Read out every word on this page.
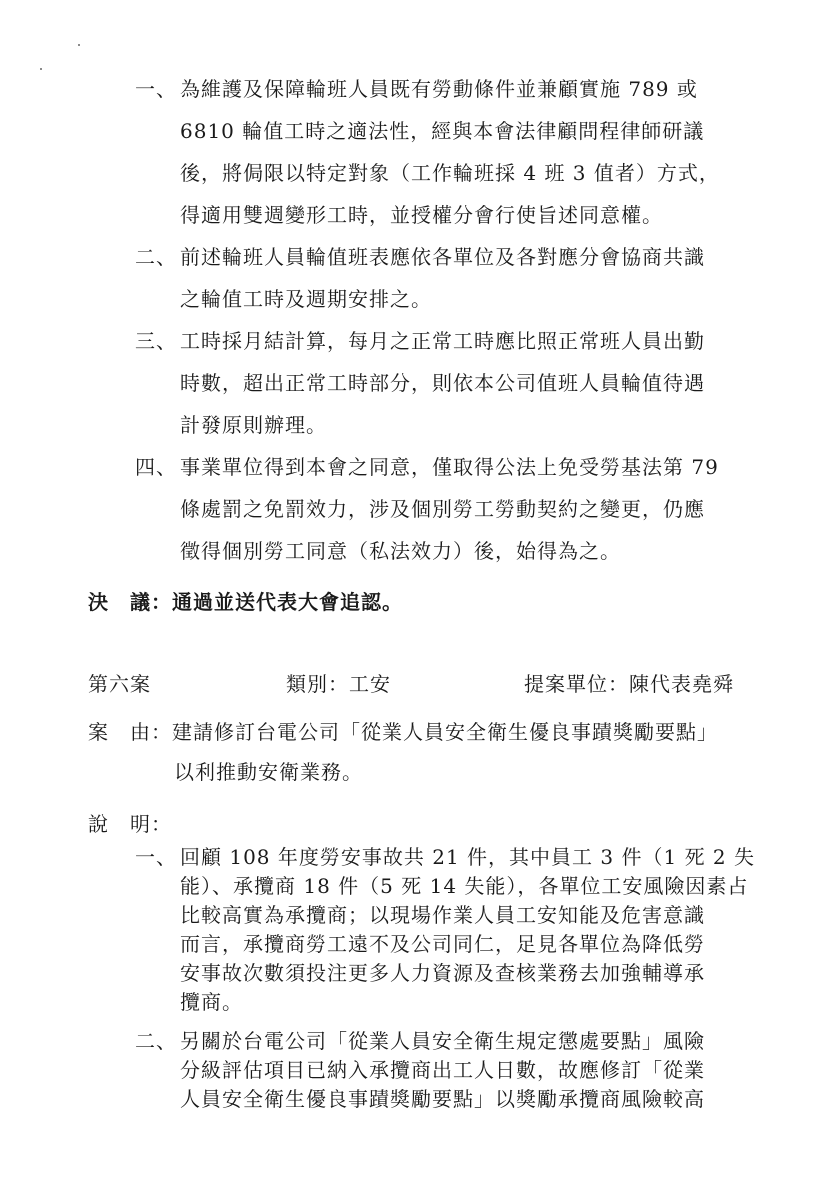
一、 為維護及保障輪班人員既有勞動條件並兼顧實施 789 或
6810 輪值工時之適法性，經與本會法律顧問程律師研議
後，將侷限以特定對象（工作輪班採 4 班 3 值者）方式，
得適用雙週變形工時，並授權分會行使旨述同意權。
二、 前述輪班人員輪值班表應依各單位及各對應分會協商共識
之輪值工時及週期安排之。
三、 工時採月結計算，每月之正常工時應比照正常班人員出勤
時數，超出正常工時部分，則依本公司值班人員輪值待遇
計發原則辦理。
四、 事業單位得到本會之同意，僅取得公法上免受勞基法第 79
條處罰之免罰效力，涉及個別勞工勞動契約之變更，仍應
徵得個別勞工同意（私法效力）後，始得為之。
決　議：通過並送代表大會追認。
第六案	類別：工安	提案單位：陳代表堯舜
案　由：建請修訂台電公司「從業人員安全衛生優良事蹟獎勵要點」
以利推動安衛業務。
說　明：
一、 回顧 108 年度勞安事故共 21 件，其中員工 3 件（1 死 2 失
能）、承攬商 18 件（5 死 14 失能），各單位工安風險因素占
比較高實為承攬商；以現場作業人員工安知能及危害意識
而言，承攬商勞工遠不及公司同仁，足見各單位為降低勞
安事故次數須投注更多人力資源及查核業務去加強輔導承
攬商。
二、 另關於台電公司「從業人員安全衛生規定懲處要點」風險
分級評估項目已納入承攬商出工人日數，故應修訂「從業
人員安全衛生優良事蹟獎勵要點」以獎勵承攬商風險較高
